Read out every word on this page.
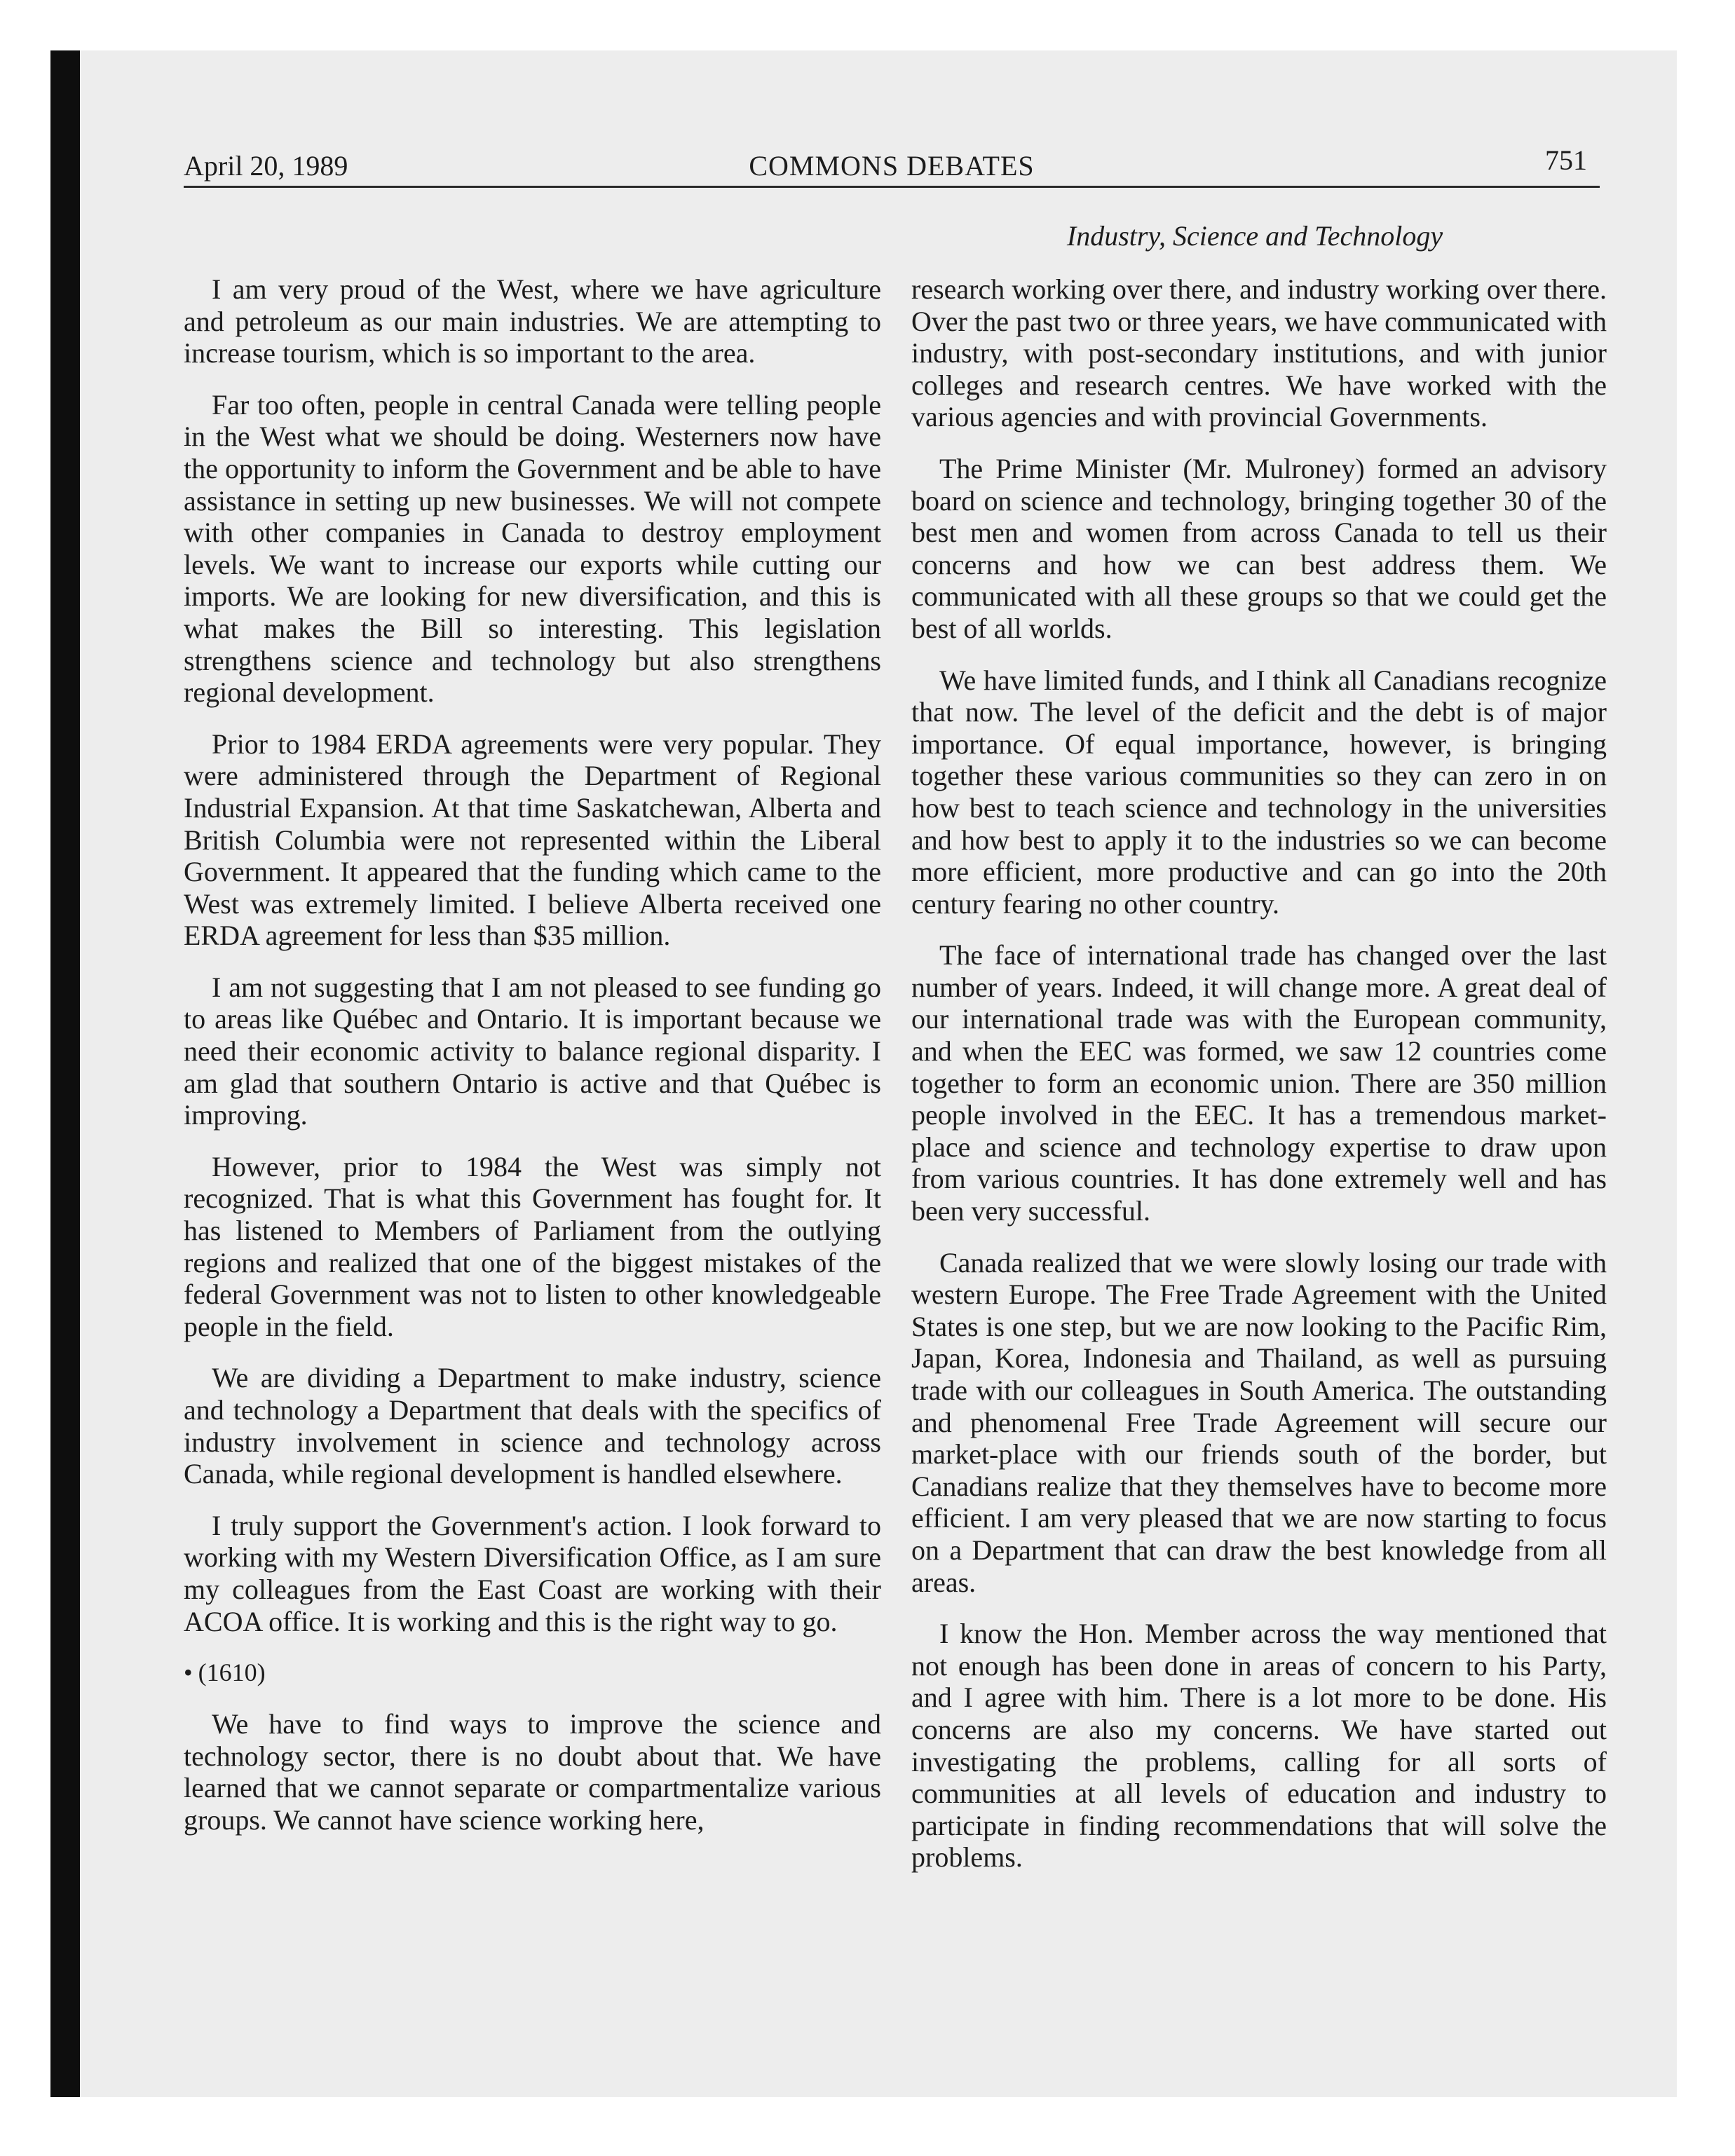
April 20, 1989	COMMONS DEBATES	751
Industry, Science and Technology

I am very proud of the West, where we have agriculture and petroleum as our main industries. We are attempting to increase tourism, which is so important to the area.

Far too often, people in central Canada were telling people in the West what we should be doing. Westerners now have the opportunity to inform the Government and be able to have assistance in setting up new businesses. We will not compete with other companies in Canada to destroy employment levels. We want to increase our exports while cutting our imports. We are looking for new diversification, and this is what makes the Bill so interesting. This legislation strengthens science and technology but also strengthens regional development.

Prior to 1984 ERDA agreements were very popular. They were administered through the Department of Regional Industrial Expansion. At that time Saskatchewan, Alberta and British Columbia were not represented within the Liberal Government. It appeared that the funding which came to the West was extremely limited. I believe Alberta received one ERDA agreement for less than $35 million.

I am not suggesting that I am not pleased to see funding go to areas like Québec and Ontario. It is important because we need their economic activity to balance regional disparity. I am glad that southern Ontario is active and that Québec is improving.

However, prior to 1984 the West was simply not recognized. That is what this Government has fought for. It has listened to Members of Parliament from the outlying regions and realized that one of the biggest mistakes of the federal Government was not to listen to other knowledgeable people in the field.

We are dividing a Department to make industry, science and technology a Department that deals with the specifics of industry involvement in science and technology across Canada, while regional development is handled elsewhere.

I truly support the Government's action. I look forward to working with my Western Diversification Office, as I am sure my colleagues from the East Coast are working with their ACOA office. It is working and this is the right way to go.

• (1610)

We have to find ways to improve the science and technology sector, there is no doubt about that. We have learned that we cannot separate or compartmentalize various groups. We cannot have science working here,

research working over there, and industry working over there. Over the past two or three years, we have communicated with industry, with post-secondary institutions, and with junior colleges and research centres. We have worked with the various agencies and with provincial Governments.

The Prime Minister (Mr. Mulroney) formed an advisory board on science and technology, bringing together 30 of the best men and women from across Canada to tell us their concerns and how we can best address them. We communicated with all these groups so that we could get the best of all worlds.

We have limited funds, and I think all Canadians recognize that now. The level of the deficit and the debt is of major importance. Of equal importance, however, is bringing together these various communities so they can zero in on how best to teach science and technology in the universities and how best to apply it to the industries so we can become more efficient, more productive and can go into the 20th century fearing no other country.

The face of international trade has changed over the last number of years. Indeed, it will change more. A great deal of our international trade was with the European community, and when the EEC was formed, we saw 12 countries come together to form an economic union. There are 350 million people involved in the EEC. It has a tremendous market-place and science and technology expertise to draw upon from various countries. It has done extremely well and has been very successful.

Canada realized that we were slowly losing our trade with western Europe. The Free Trade Agreement with the United States is one step, but we are now looking to the Pacific Rim, Japan, Korea, Indonesia and Thailand, as well as pursuing trade with our colleagues in South America. The outstanding and phenomenal Free Trade Agreement will secure our market-place with our friends south of the border, but Canadians realize that they themselves have to become more efficient. I am very pleased that we are now starting to focus on a Department that can draw the best knowledge from all areas.

I know the Hon. Member across the way mentioned that not enough has been done in areas of concern to his Party, and I agree with him. There is a lot more to be done. His concerns are also my concerns. We have started out investigating the problems, calling for all sorts of communities at all levels of education and industry to participate in finding recommendations that will solve the problems.
